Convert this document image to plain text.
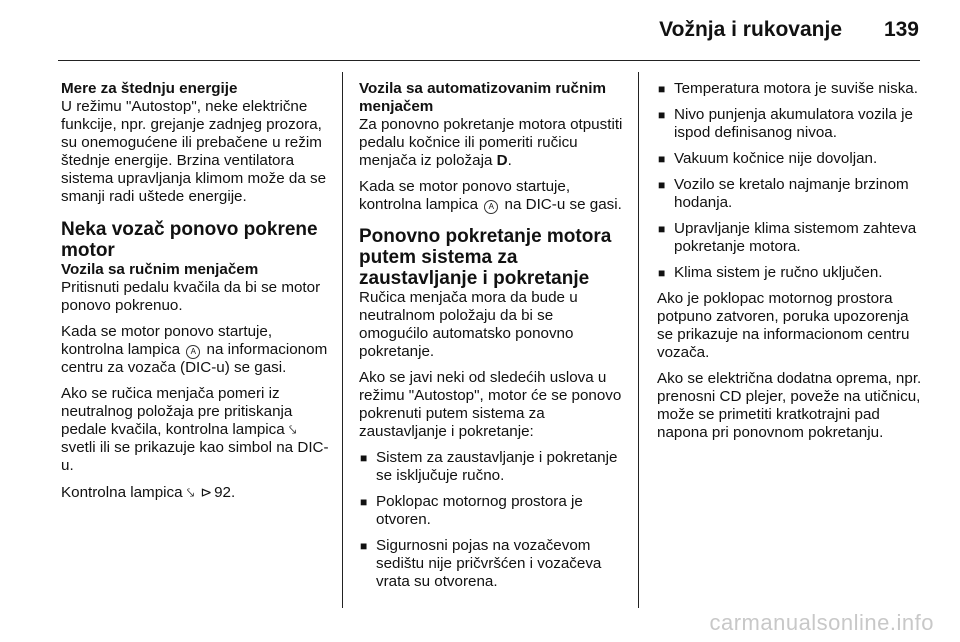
Vožnja i rukovanje 139
Mere za štednju energije

U režimu "Autostop", neke električne funkcije, npr. grejanje zadnjeg prozora, su onemogućene ili prebačene u režim štednje energije. Brzina ventilatora sistema upravljanja klimom može da se smanji radi uštede energije.

Neka vozač ponovo pokrene motor
Vozila sa ručnim menjačem

Pritisnuti pedalu kvačila da bi se motor ponovo pokrenuo.

Kada se motor ponovo startuje, kontrolna lampica A na informacionom centru za vozača (DIC-u) se gasi.

Ako se ručica menjača pomeri iz neutralnog položaja pre pritiskanja pedale kvačila, kontrolna lampica ⤥ svetli ili se prikazuje kao simbol na DIC-u.

Kontrolna lampica ⤥ ⊳ 92.

Vozila sa automatizovanim ručnim menjačem

Za ponovno pokretanje motora otpustiti pedalu kočnice ili pomeriti ručicu menjača iz položaja D.

Kada se motor ponovo startuje, kontrolna lampica A na DIC-u se gasi.

Ponovno pokretanje motora putem sistema za zaustavljanje i pokretanje

Ručica menjača mora da bude u neutralnom položaju da bi se omogućilo automatsko ponovno pokretanje.

Ako se javi neki od sledećih uslova u režimu "Autostop", motor će se ponovo pokrenuti putem sistema za zaustavljanje i pokretanje:

■ Sistem za zaustavljanje i pokretanje se isključuje ručno.
■ Poklopac motornog prostora je otvoren.
■ Sigurnosni pojas na vozačevom sedištu nije pričvršćen i vozačeva vrata su otvorena.
■ Temperatura motora je suviše niska.
■ Nivo punjenja akumulatora vozila je ispod definisanog nivoa.
■ Vakuum kočnice nije dovoljan.
■ Vozilo se kretalo najmanje brzinom hodanja.
■ Upravljanje klima sistemom zahteva pokretanje motora.
■ Klima sistem je ručno uključen.

Ako je poklopac motornog prostora potpuno zatvoren, poruka upozorenja se prikazuje na informacionom centru vozača.

Ako se električna dodatna oprema, npr. prenosni CD plejer, poveže na utičnicu, može se primetiti kratkotrajni pad napona pri ponovnom pokretanju.

carmanualsonline.info
